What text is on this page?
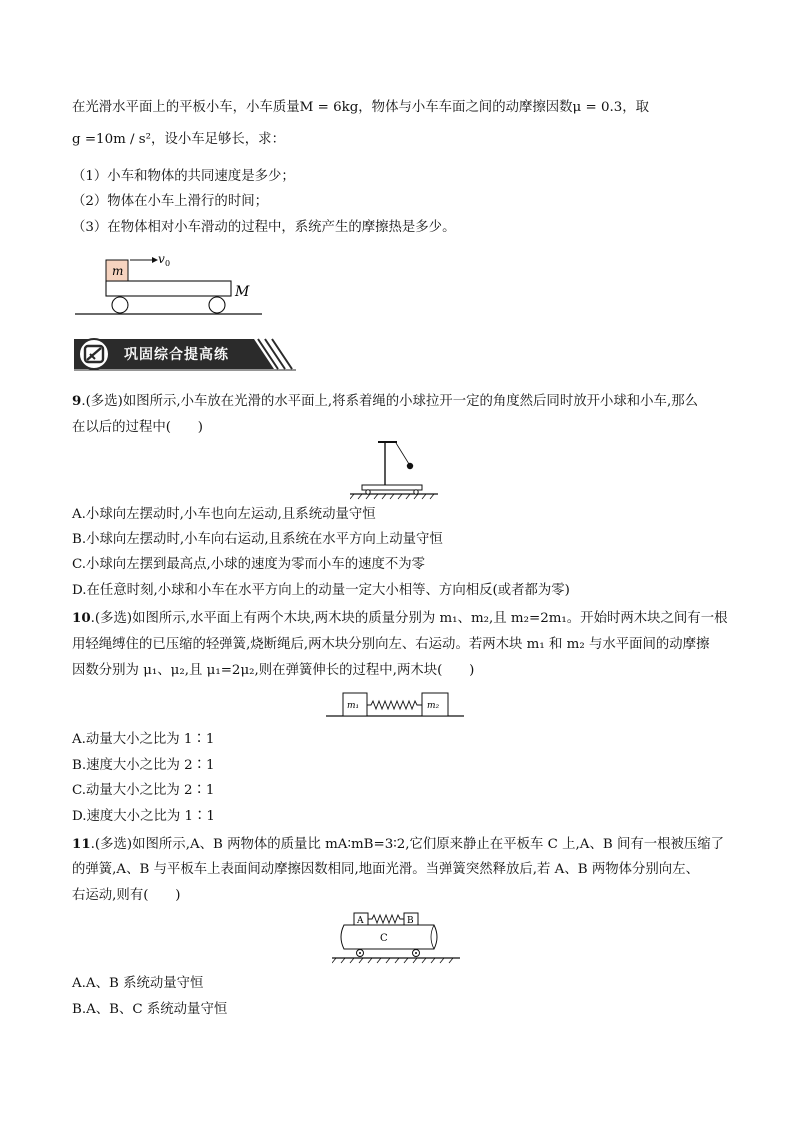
在光滑水平面上的平板小车，小车质量M = 6kg，物体与小车车面之间的动摩擦因数μ = 0.3，取
g =10m / s²，设小车足够长，求：
（1）小车和物体的共同速度是多少；
（2）物体在小车上滑行的时间；
（3）在物体相对小车滑动的过程中，系统产生的摩擦热是多少。
m
v 0
M
巩固综合提高练
9.(多选)如图所示,小车放在光滑的水平面上,将系着绳的小球拉开一定的角度然后同时放开小球和小车,那么
在以后的过程中(　　)
A.小球向左摆动时,小车也向左运动,且系统动量守恒
B.小球向左摆动时,小车向右运动,且系统在水平方向上动量守恒
C.小球向左摆到最高点,小球的速度为零而小车的速度不为零
D.在任意时刻,小球和小车在水平方向上的动量一定大小相等、方向相反(或者都为零)
10.(多选)如图所示,水平面上有两个木块,两木块的质量分别为 m₁、m₂,且 m₂=2m₁。开始时两木块之间有一根
用轻绳缚住的已压缩的轻弹簧,烧断绳后,两木块分别向左、右运动。若两木块 m₁ 和 m₂ 与水平面间的动摩擦
因数分别为 μ₁、μ₂,且 μ₁=2μ₂,则在弹簧伸长的过程中,两木块(　　)
m₁	m₂
A.动量大小之比为 1∶1
B.速度大小之比为 2∶1
C.动量大小之比为 2∶1
D.速度大小之比为 1∶1
11.(多选)如图所示,A、B 两物体的质量比 mA∶mB=3∶2,它们原来静止在平板车 C 上,A、B 间有一根被压缩了
的弹簧,A、B 与平板车上表面间动摩擦因数相同,地面光滑。当弹簧突然释放后,若 A、B 两物体分别向左、
右运动,则有(　　)
C
A	B
A.A、B 系统动量守恒
B.A、B、C 系统动量守恒
